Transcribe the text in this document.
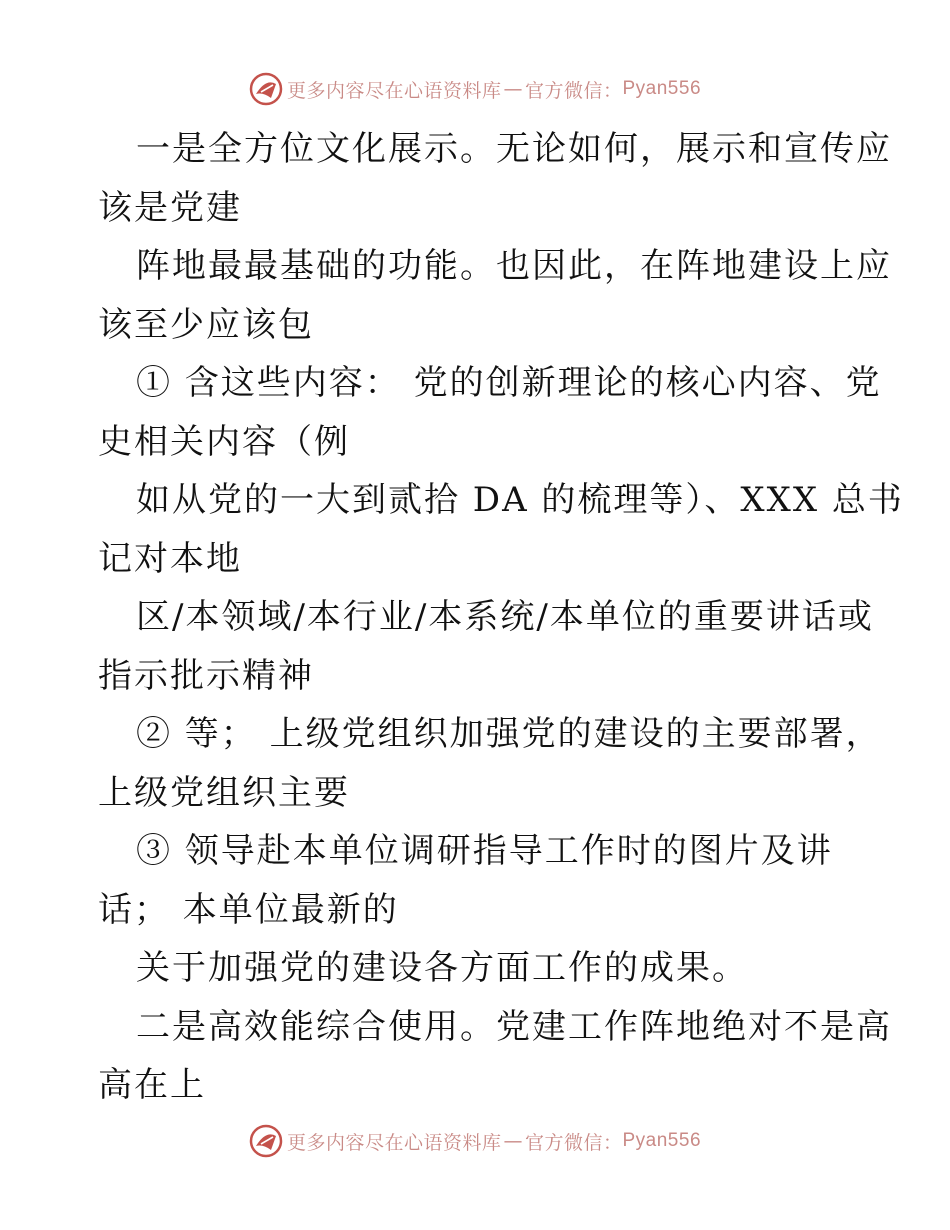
更多内容尽在心语资料库 — 官方微信： Pyan556
一是全方位文化展示。无论如何，展示和宣传应
该是党建
阵地最最基础的功能。也因此，在阵地建设上应
该至少应该包
① 含这些内容： 党的创新理论的核心内容、党
史相关内容（例
如从党的一大到贰拾 DA 的梳理等）、XXX 总书
记对本地
区/本领域/本行业/本系统/本单位的重要讲话或
指示批示精神
② 等； 上级党组织加强党的建设的主要部署，
上级党组织主要
③ 领导赴本单位调研指导工作时的图片及讲
话； 本单位最新的
关于加强党的建设各方面工作的成果。
二是高效能综合使用。党建工作阵地绝对不是高
高在上
更多内容尽在心语资料库 — 官方微信： Pyan556
